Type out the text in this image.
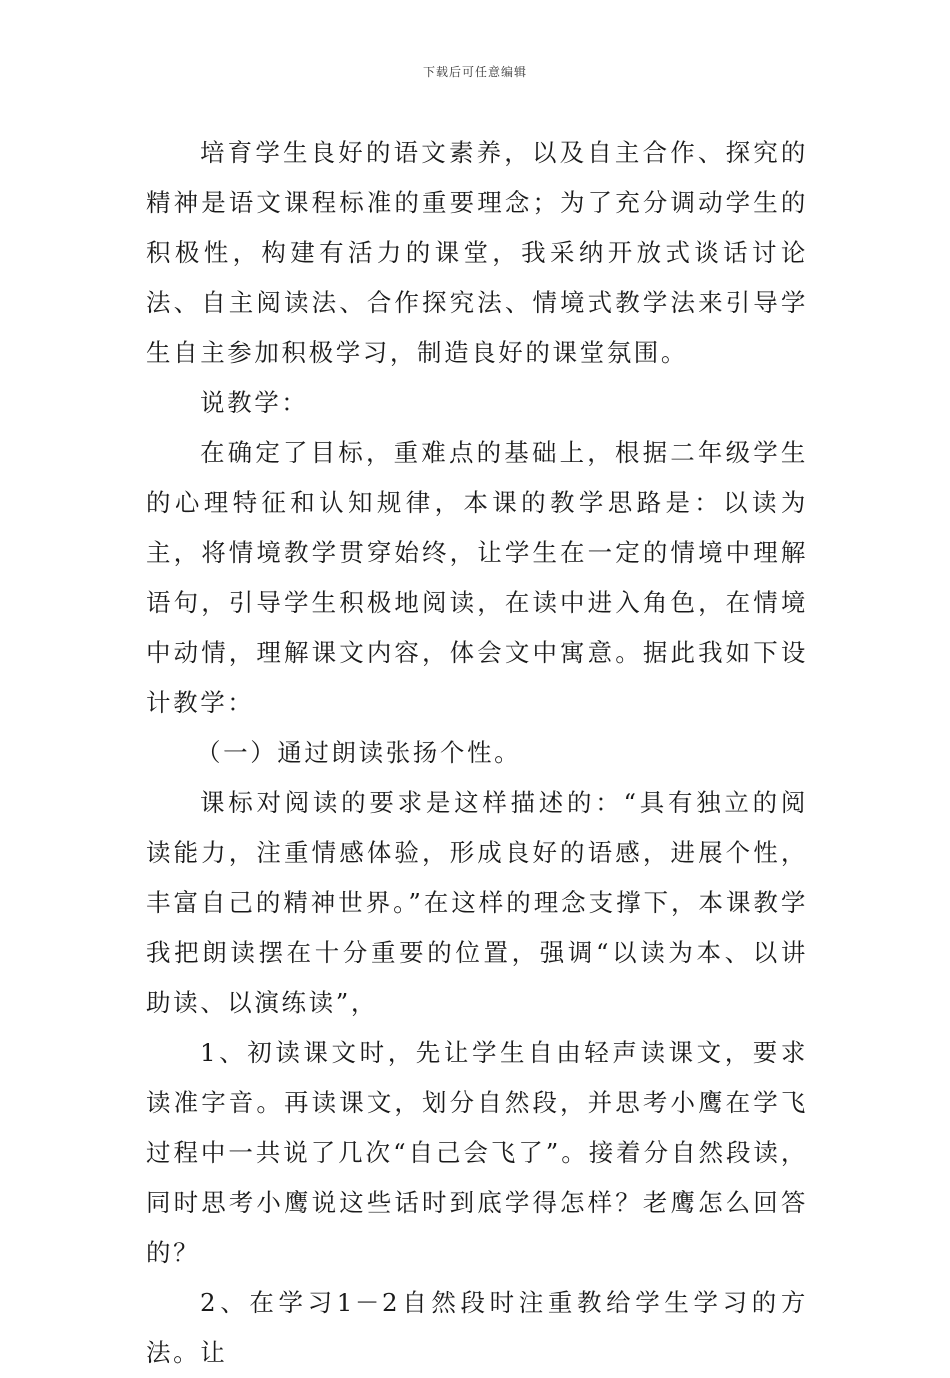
下载后可任意编辑

培育学生良好的语文素养，以及自主合作、探究的精神是语文课程标准的重要理念；为了充分调动学生的积极性，构建有活力的课堂，我采纳开放式谈话讨论法、自主阅读法、合作探究法、情境式教学法来引导学生自主参加积极学习，制造良好的课堂氛围。

说教学：

在确定了目标，重难点的基础上，根据二年级学生的心理特征和认知规律，本课的教学思路是：以读为主，将情境教学贯穿始终，让学生在一定的情境中理解语句，引导学生积极地阅读，在读中进入角色，在情境中动情，理解课文内容，体会文中寓意。据此我如下设计教学：

（一）通过朗读张扬个性。

课标对阅读的要求是这样描述的：“具有独立的阅读能力，注重情感体验，形成良好的语感，进展个性，丰富自己的精神世界。”在这样的理念支撑下，本课教学我把朗读摆在十分重要的位置，强调“以读为本、以讲助读、以演练读”，

1、初读课文时，先让学生自由轻声读课文，要求读准字音。再读课文，划分自然段，并思考小鹰在学飞过程中一共说了几次“自己会飞了”。接着分自然段读，同时思考小鹰说这些话时到底学得怎样？老鹰怎么回答的？

2、在学习1－2自然段时注重教给学生学习的方法。让
